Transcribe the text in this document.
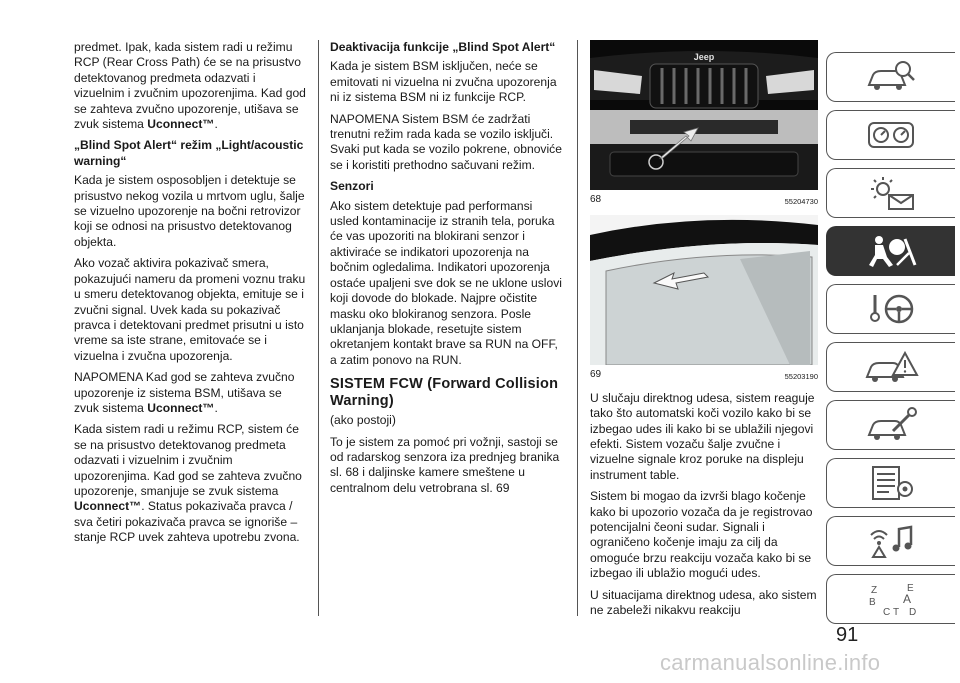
predmet. Ipak, kada sistem radi u režimu RCP (Rear Cross Path) će se na prisustvo detektovanog predmeta odazvati i vizuelnim i zvučnim upozorenjima. Kad god se zahteva zvučno upozorenje, utišava se zvuk sistema Uconnect™.

„Blind Spot Alert“ režim „Light/acoustic warning“

Kada je sistem osposobljen i detektuje se prisustvo nekog vozila u mrtvom uglu, šalje se vizuelno upozorenje na bočni retrovizor koji se odnosi na prisustvo detektovanog objekta.

Ako vozač aktivira pokazivač smera, pokazujući nameru da promeni voznu traku u smeru detektovanog objekta, emituje se i zvučni signal. Uvek kada su pokazivač pravca i detektovani predmet prisutni u isto vreme sa iste strane, emitovaće se i vizuelna i zvučna upozorenja.

NAPOMENA Kad god se zahteva zvučno upozorenje iz sistema BSM, utišava se zvuk sistema Uconnect™.

Kada sistem radi u režimu RCP, sistem će se na prisustvo detektovanog predmeta odazvati i vizuelnim i zvučnim upozorenjima. Kad god se zahteva zvučno upozorenje, smanjuje se zvuk sistema Uconnect™. Status pokazivača pravca / sva četiri pokazivača pravca se ignoriše – stanje RCP uvek zahteva upotrebu zvona.

Deaktivacija funkcije „Blind Spot Alert“

Kada je sistem BSM isključen, neće se emitovati ni vizuelna ni zvučna upozorenja ni iz sistema BSM ni iz funkcije RCP.

NAPOMENA Sistem BSM će zadržati trenutni režim rada kada se vozilo isključi. Svaki put kada se vozilo pokrene, obnoviće se i koristiti prethodno sačuvani režim.

Senzori

Ako sistem detektuje pad performansi usled kontaminacije iz stranih tela, poruka će vas upozoriti na blokirani senzor i aktiviraće se indikatori upozorenja na bočnim ogledalima. Indikatori upozorenja ostaće upaljeni sve dok se ne uklone uslovi koji dovode do blokade. Najpre očistite masku oko blokiranog senzora. Posle uklanjanja blokade, resetujte sistem okretanjem kontakt brave sa RUN na OFF, a zatim ponovo na RUN.

SISTEM FCW (Forward Collision Warning)

(ako postoji)

To je sistem za pomoć pri vožnji, sastoji se od radarskog senzora iza prednjeg branika sl. 68 i daljinske kamere smeštene u centralnom delu vetrobrana sl. 69

Jeep
68	55204730
69	55203190

U slučaju direktnog udesa, sistem reaguje tako što automatski koči vozilo kako bi se izbegao udes ili kako bi se ublažili njegovi efekti. Sistem vozaču šalje zvučne i vizuelne signale kroz poruke na displeju instrument table.

Sistem bi mogao da izvrši blago kočenje kako bi upozorio vozača da je registrovao potencijalni čeoni sudar. Signali i ograničeno kočenje imaju za cilj da omoguće brzu reakciju vozača kako bi se izbegao ili ublažio mogući udes.

U situacijama direktnog udesa, ako sistem ne zabeleži nikakvu reakciju

Z	E
B A
C T D
91
carmanualsonline.info
